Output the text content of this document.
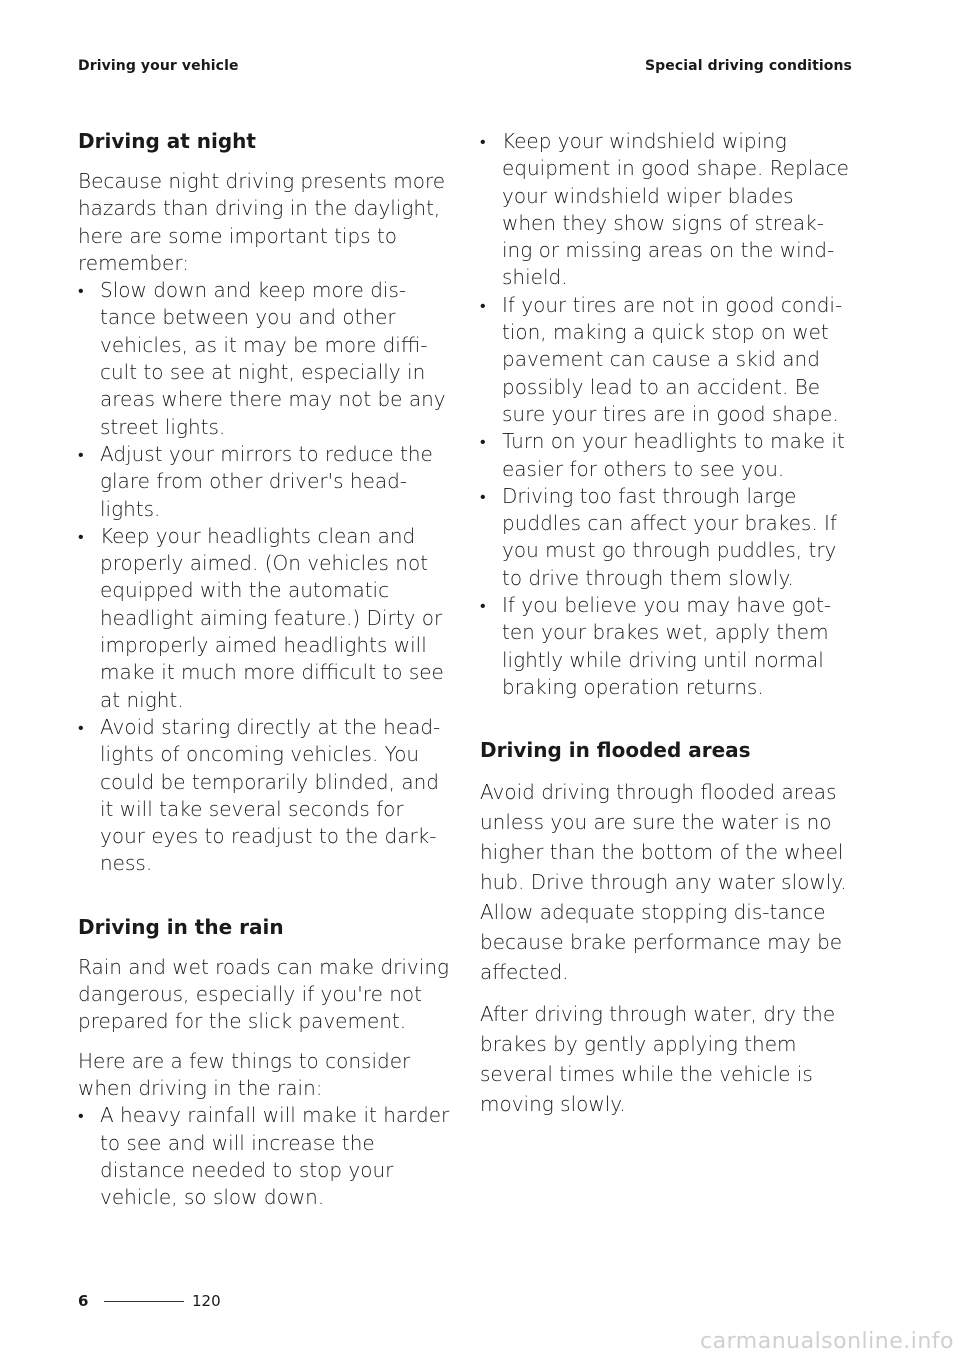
Driving your vehicle	Special driving conditions
Driving at night

Because night driving presents more hazards than driving in the daylight, here are some important tips to remember:

• Slow down and keep more dis-tance between you and other vehicles, as it may be more diffi-cult to see at night, especially in areas where there may not be any street lights.
• Adjust your mirrors to reduce the glare from other driver's head-lights.
• Keep your headlights clean and properly aimed. (On vehicles not equipped with the automatic headlight aiming feature.) Dirty or improperly aimed headlights will make it much more difficult to see at night.
• Avoid staring directly at the head-lights of oncoming vehicles. You could be temporarily blinded, and it will take several seconds for your eyes to readjust to the dark-ness.
Driving in the rain

Rain and wet roads can make driving dangerous, especially if you're not prepared for the slick pavement.

Here are a few things to consider when driving in the rain:

• A heavy rainfall will make it harder to see and will increase the distance needed to stop your vehicle, so slow down.
• Keep your windshield wiping equipment in good shape. Replace your windshield wiper blades when they show signs of streak-ing or missing areas on the wind-shield.
• If your tires are not in good condi-tion, making a quick stop on wet pavement can cause a skid and possibly lead to an accident. Be sure your tires are in good shape.
• Turn on your headlights to make it easier for others to see you.
• Driving too fast through large puddles can affect your brakes. If you must go through puddles, try to drive through them slowly.
• If you believe you may have got-ten your brakes wet, apply them lightly while driving until normal braking operation returns.
Driving in flooded areas

Avoid driving through flooded areas unless you are sure the water is no higher than the bottom of the wheel hub. Drive through any water slowly. Allow adequate stopping dis-tance because brake performance may be affected.

After driving through water, dry the brakes by gently applying them several times while the vehicle is moving slowly.

6	120
carmanualsonline.info
